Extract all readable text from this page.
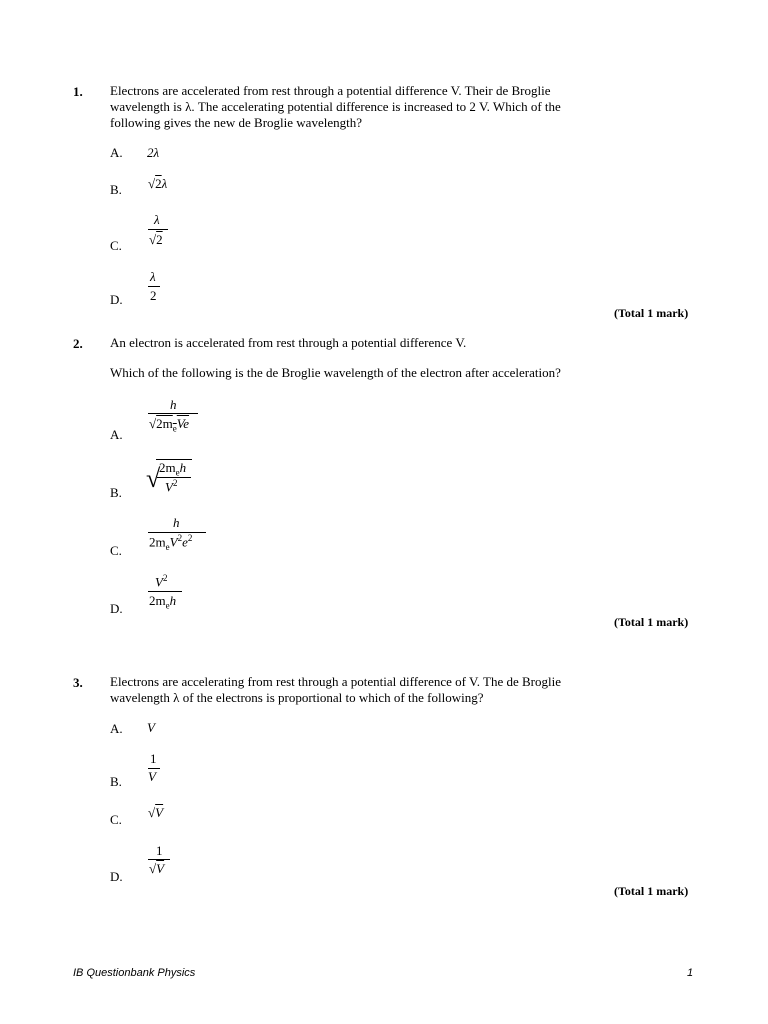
1. Electrons are accelerated from rest through a potential difference V. Their de Broglie wavelength is λ. The accelerating potential difference is increased to 2 V. Which of the following gives the new de Broglie wavelength?
A. 2λ
B. √2λ
C.
λ
√2
D.
λ
2
(Total 1 mark)
2. An electron is accelerated from rest through a potential difference V.
Which of the following is the de Broglie wavelength of the electron after acceleration?
A.
h
$√2m_eVe$
B. √
$2m_eh$
$V^2$
C.
h
$2m_eV^2e^2$
D.
$V^2$
$2m_eh$
(Total 1 mark)
3. Electrons are accelerating from rest through a potential difference of V. The de Broglie wavelength λ of the electrons is proportional to which of the following?
A. V
B.
1
V
C. √V
D.
1
√V
(Total 1 mark)
IB Questionbank Physics	1
